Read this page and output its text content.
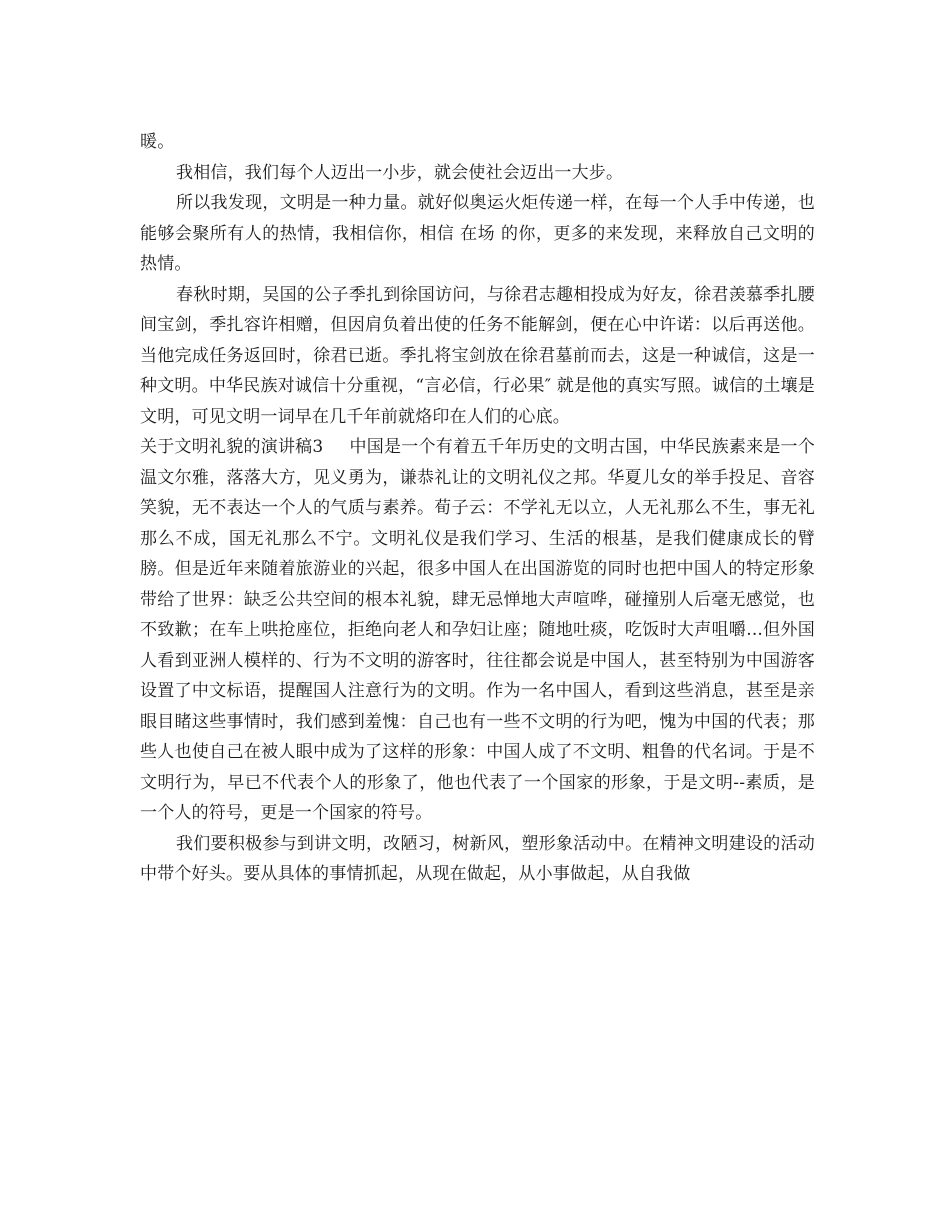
暖。

我相信，我们每个人迈出一小步，就会使社会迈出一大步。

所以我发现，文明是一种力量。就好似奥运火炬传递一样，在每一个人手中传递，也能够会聚所有人的热情，我相信你，相信 在场 的你，更多的来发现，来释放自己文明的热情。

春秋时期，吴国的公子季扎到徐国访问，与徐君志趣相投成为好友，徐君羡慕季扎腰间宝剑，季扎容许相赠，但因肩负着出使的任务不能解剑，便在心中许诺：以后再送他。当他完成任务返回时，徐君已逝。季扎将宝剑放在徐君墓前而去，这是一种诚信，这是一种文明。中华民族对诚信十分重视，“言必信，行必果″ 就是他的真实写照。诚信的土壤是文明，可见文明一词早在几千年前就烙印在人们的心底。

关于文明礼貌的演讲稿3 中国是一个有着五千年历史的文明古国，中华民族素来是一个温文尔雅，落落大方，见义勇为，谦恭礼让的文明礼仪之邦。华夏儿女的举手投足、音容笑貌，无不表达一个人的气质与素养。荀子云：不学礼无以立，人无礼那么不生，事无礼那么不成，国无礼那么不宁。文明礼仪是我们学习、生活的根基，是我们健康成长的臂膀。但是近年来随着旅游业的兴起，很多中国人在出国游览的同时也把中国人的特定形象带给了世界：缺乏公共空间的根本礼貌，肆无忌惮地大声喧哗，碰撞别人后毫无感觉，也不致歉；在车上哄抢座位，拒绝向老人和孕妇让座；随地吐痰，吃饭时大声咀嚼...但外国人看到亚洲人模样的、行为不文明的游客时，往往都会说是中国人，甚至特别为中国游客设置了中文标语，提醒国人注意行为的文明。作为一名中国人，看到这些消息，甚至是亲眼目睹这些事情时，我们感到羞愧：自己也有一些不文明的行为吧，愧为中国的代表；那些人也使自己在被人眼中成为了这样的形象：中国人成了不文明、粗鲁的代名词。于是不文明行为，早已不代表个人的形象了，他也代表了一个国家的形象，于是文明--素质，是一个人的符号，更是一个国家的符号。

我们要积极参与到讲文明，改陋习，树新风，塑形象活动中。在精神文明建设的活动中带个好头。要从具体的事情抓起，从现在做起，从小事做起，从自我做
